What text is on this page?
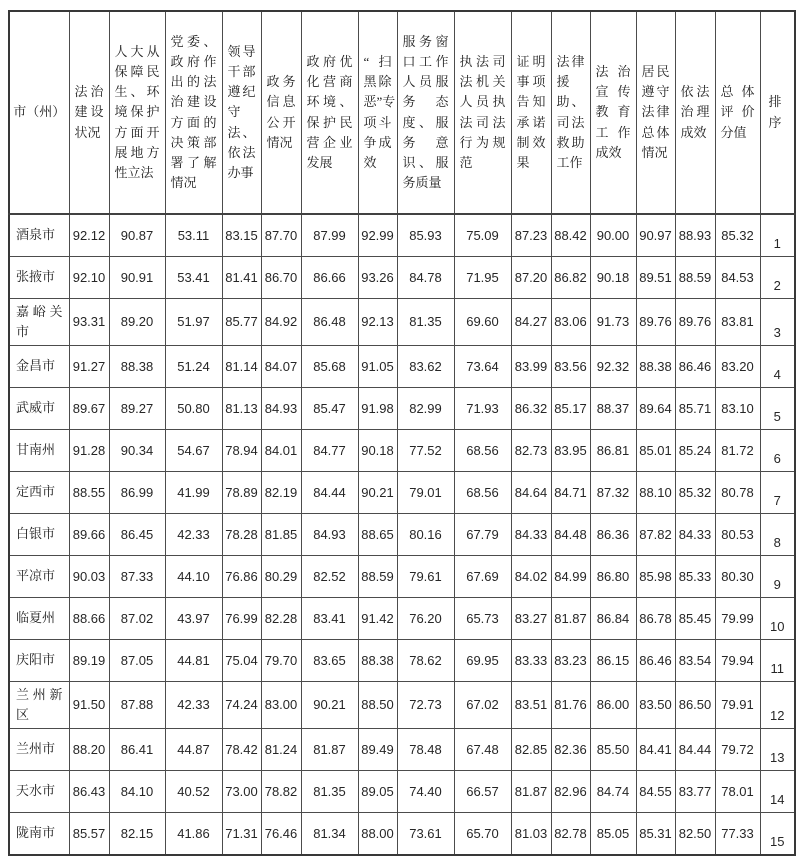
市（州）	法治建设状况	人大从保障民生、环境保护方面开展地方性立法	党委、政府作出的法治建设方面的决策部署了解情况	领导干部遵纪守法、依法办事	政务信息公开情况	政府优化营商环境、保护民营企业发展	“扫黑除恶”专项斗争成效	服务窗口工作人员服务态度、服务意识、服务质量	执法司法机关人员执法司法行为规范	证明事项告知承诺制效果	法律援助、司法救助工作	法治宣传教育工作成效	居民遵守法律总体情况	依法治理成效	总体评价分值	排序
酒泉市	92.12	90.87	53.11	83.15	87.70	87.99	92.99	85.93	75.09	87.23	88.42	90.00	90.97	88.93	85.32	1
张掖市	92.10	90.91	53.41	81.41	86.70	86.66	93.26	84.78	71.95	87.20	86.82	90.18	89.51	88.59	84.53	2
嘉峪关市	93.31	89.20	51.97	85.77	84.92	86.48	92.13	81.35	69.60	84.27	83.06	91.73	89.76	89.76	83.81	3
金昌市	91.27	88.38	51.24	81.14	84.07	85.68	91.05	83.62	73.64	83.99	83.56	92.32	88.38	86.46	83.20	4
武威市	89.67	89.27	50.80	81.13	84.93	85.47	91.98	82.99	71.93	86.32	85.17	88.37	89.64	85.71	83.10	5
甘南州	91.28	90.34	54.67	78.94	84.01	84.77	90.18	77.52	68.56	82.73	83.95	86.81	85.01	85.24	81.72	6
定西市	88.55	86.99	41.99	78.89	82.19	84.44	90.21	79.01	68.56	84.64	84.71	87.32	88.10	85.32	80.78	7
白银市	89.66	86.45	42.33	78.28	81.85	84.93	88.65	80.16	67.79	84.33	84.48	86.36	87.82	84.33	80.53	8
平凉市	90.03	87.33	44.10	76.86	80.29	82.52	88.59	79.61	67.69	84.02	84.99	86.80	85.98	85.33	80.30	9
临夏州	88.66	87.02	43.97	76.99	82.28	83.41	91.42	76.20	65.73	83.27	81.87	86.84	86.78	85.45	79.99	10
庆阳市	89.19	87.05	44.81	75.04	79.70	83.65	88.38	78.62	69.95	83.33	83.23	86.15	86.46	83.54	79.94	11
兰州新区	91.50	87.88	42.33	74.24	83.00	90.21	88.50	72.73	67.02	83.51	81.76	86.00	83.50	86.50	79.91	12
兰州市	88.20	86.41	44.87	78.42	81.24	81.87	89.49	78.48	67.48	82.85	82.36	85.50	84.41	84.44	79.72	13
天水市	86.43	84.10	40.52	73.00	78.82	81.35	89.05	74.40	66.57	81.87	82.96	84.74	84.55	83.77	78.01	14
陇南市	85.57	82.15	41.86	71.31	76.46	81.34	88.00	73.61	65.70	81.03	82.78	85.05	85.31	82.50	77.33	15
